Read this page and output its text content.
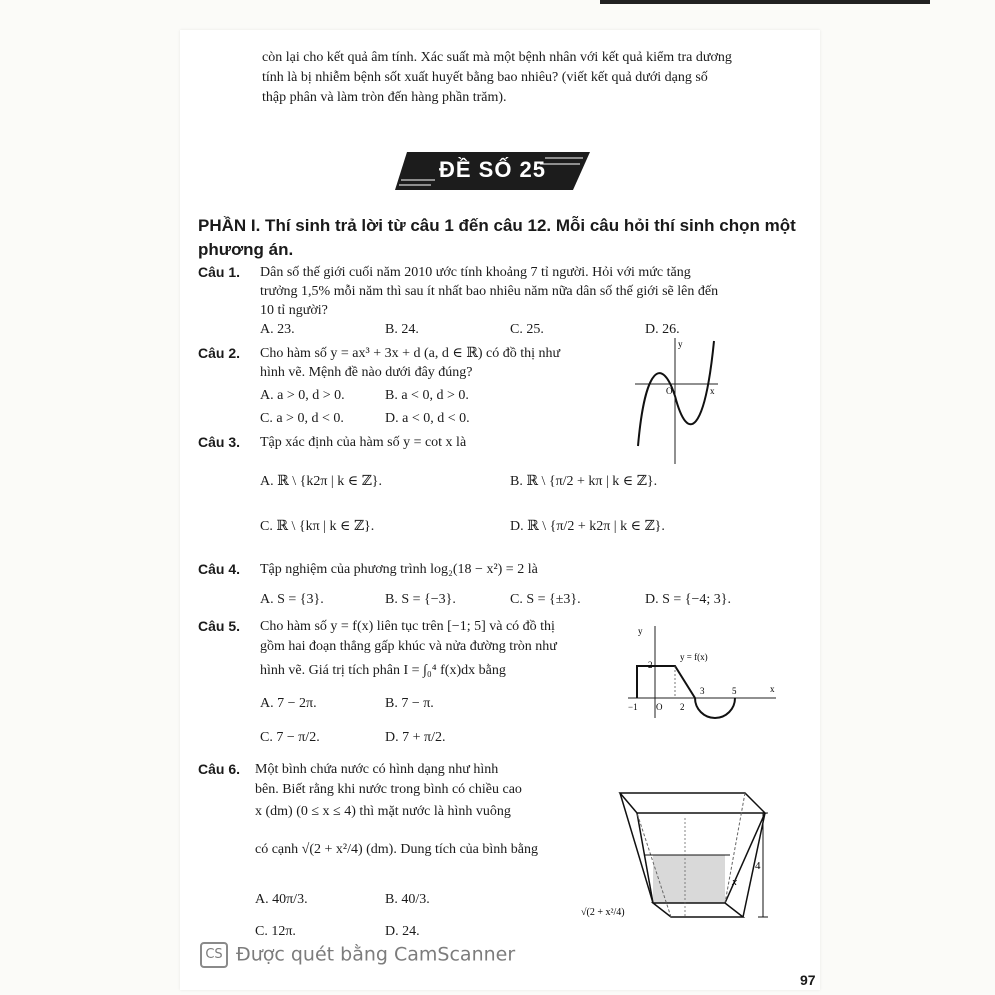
còn lại cho kết quả âm tính. Xác suất mà một bệnh nhân với kết quả kiểm tra dương
tính là bị nhiễm bệnh sốt xuất huyết bằng bao nhiêu? (viết kết quả dưới dạng số
thập phân và làm tròn đến hàng phần trăm).
ĐỀ SỐ 25
PHẦN I. Thí sinh trả lời từ câu 1 đến câu 12. Mỗi câu hỏi thí sinh chọn một
phương án.
Câu 1. Dân số thế giới cuối năm 2010 ước tính khoảng 7 tỉ người. Hỏi với mức tăng
trưởng 1,5% mỗi năm thì sau ít nhất bao nhiêu năm nữa dân số thế giới sẽ lên đến
10 tỉ người?
A. 23.	B. 24.	C. 25.	D. 26.
Câu 2. Cho hàm số y = ax³ + 3x + d (a, d ∈ ℝ) có đồ thị như
hình vẽ. Mệnh đề nào dưới đây đúng?
A. a > 0, d > 0.	B. a < 0, d > 0.
C. a > 0, d < 0.	D. a < 0, d < 0.
O	x
y
Câu 3. Tập xác định của hàm số y = cot x là
A. ℝ \ {k2π | k ∈ ℤ}.	B. ℝ \ {π/2 + kπ | k ∈ ℤ}.
C. ℝ \ {kπ | k ∈ ℤ}.	D. ℝ \ {π/2 + k2π | k ∈ ℤ}.
Câu 4. Tập nghiệm của phương trình log₂(18 − x²) = 2 là
A. S = {3}.	B. S = {−3}.	C. S = {±3}.	D. S = {−4; 3}.
Câu 5. Cho hàm số y = f(x) liên tục trên [−1; 5] và có đồ thị
gồm hai đoạn thẳng gấp khúc và nửa đường tròn như
hình vẽ. Giá trị tích phân I = ∫₀⁴ f(x)dx bằng
A. 7 − 2π.	B. 7 − π.
C. 7 − π/2.	D. 7 + π/2.
y
x
y = f(x)
2
−1 O 2
3	5
Câu 6. Một bình chứa nước có hình dạng như hình
bên. Biết rằng khi nước trong bình có chiều cao
x (dm) (0 ≤ x ≤ 4) thì mặt nước là hình vuông
có cạnh √(2 + x²/4) (dm). Dung tích của bình bằng
A. 40π/3.	B. 40/3.
C. 12π.	D. 24.
4
x
√(2 + x²/4)
CS Được quét bằng CamScanner
97
